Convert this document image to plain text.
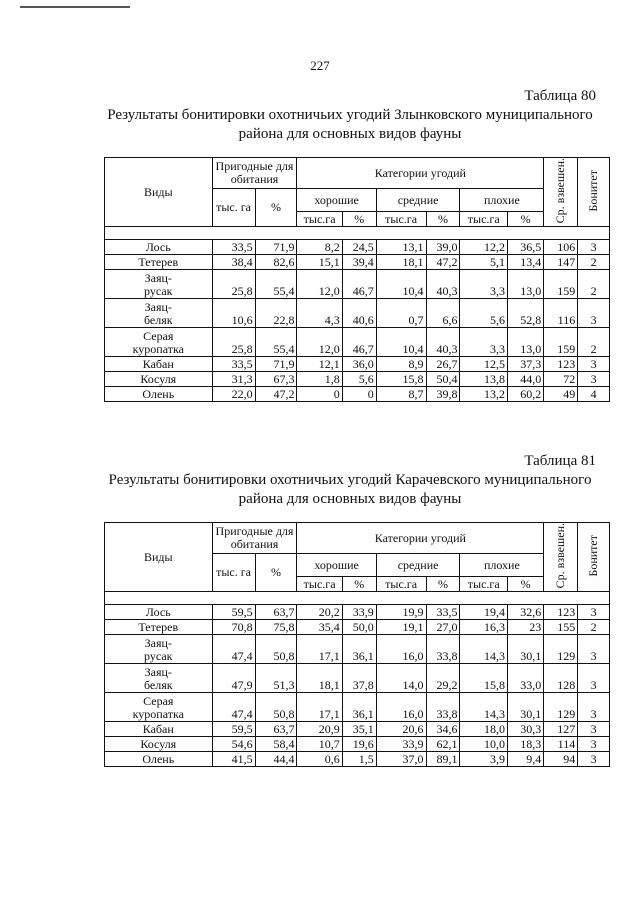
227
Таблица 80
Результаты бонитировки охотничьих угодий Злынковского муниципального района для основных видов фауны
Виды	Пригодные для обитания		Категории угодий						Ср. взвешен.	Бонитет
	тыс. га	%	хорошие		средние		плохие			
			тыс.га	%	тыс.га	%	тыс.га	%		

Лось	33,5	71,9	8,2	24,5	13,1	39,0	12,2	36,5	106	3

Тетерев	38,4	82,6	15,1	39,4	18,1	47,2	5,1	13,4	147	2

Заяц-
русак	25,8	55,4	12,0	46,7	10,4	40,3	3,3	13,0	159	2

Заяц-
беляк	10,6	22,8	4,3	40,6	0,7	6,6	5,6	52,8	116	3

Серая
куропатка	25,8	55,4	12,0	46,7	10,4	40,3	3,3	13,0	159	2

Кабан	33,5	71,9	12,1	36,0	8,9	26,7	12,5	37,3	123	3

Косуля	31,3	67,3	1,8	5,6	15,8	50,4	13,8	44,0	72	3

Олень	22,0	47,2	0	0	8,7	39,8	13,2	60,2	49	4
Таблица 81
Результаты бонитировки охотничьих угодий Карачевского муниципального района для основных видов фауны
Виды	Пригодные для обитания		Категории угодий						Ср. взвешен.	Бонитет
	тыс. га	%	хорошие		средние		плохие			
			тыс.га	%	тыс.га	%	тыс.га	%		

Лось	59,5	63,7	20,2	33,9	19,9	33,5	19,4	32,6	123	3

Тетерев	70,8	75,8	35,4	50,0	19,1	27,0	16,3	23	155	2

Заяц-
русак	47,4	50,8	17,1	36,1	16,0	33,8	14,3	30,1	129	3

Заяц-
беляк	47,9	51,3	18,1	37,8	14,0	29,2	15,8	33,0	128	3

Серая
куропатка	47,4	50,8	17,1	36,1	16,0	33,8	14,3	30,1	129	3

Кабан	59,5	63,7	20,9	35,1	20,6	34,6	18,0	30,3	127	3

Косуля	54,6	58,4	10,7	19,6	33,9	62,1	10,0	18,3	114	3

Олень	41,5	44,4	0,6	1,5	37,0	89,1	3,9	9,4	94	3
